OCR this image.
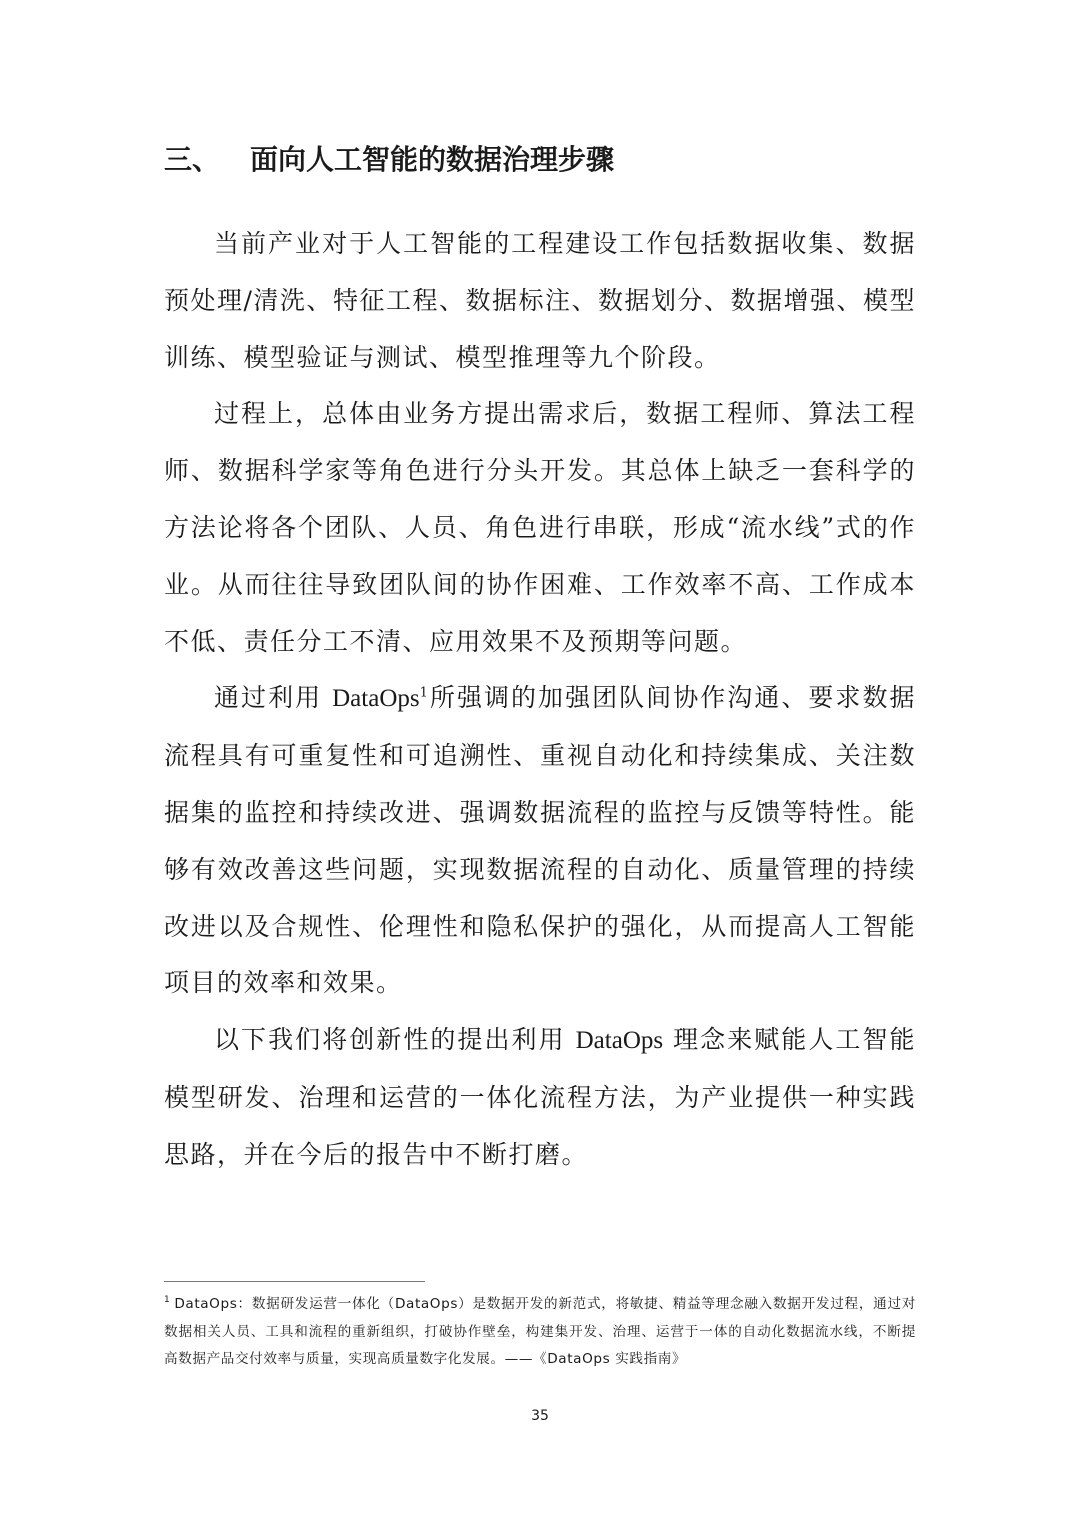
三、 面向人工智能的数据治理步骤

当前产业对于人工智能的工程建设工作包括数据收集、数据预处理/清洗、特征工程、数据标注、数据划分、数据增强、模型训练、模型验证与测试、模型推理等九个阶段。

过程上，总体由业务方提出需求后，数据工程师、算法工程师、数据科学家等角色进行分头开发。其总体上缺乏一套科学的方法论将各个团队、人员、角色进行串联，形成“流水线”式的作业。从而往往导致团队间的协作困难、工作效率不高、工作成本不低、责任分工不清、应用效果不及预期等问题。

通过利用 DataOps$^1$所强调的加强团队间协作沟通、要求数据流程具有可重复性和可追溯性、重视自动化和持续集成、关注数据集的监控和持续改进、强调数据流程的监控与反馈等特性。能够有效改善这些问题，实现数据流程的自动化、质量管理的持续改进以及合规性、伦理性和隐私保护的强化，从而提高人工智能项目的效率和效果。

以下我们将创新性的提出利用 DataOps 理念来赋能人工智能模型研发、治理和运营的一体化流程方法，为产业提供一种实践思路，并在今后的报告中不断打磨。

$^1$ DataOps：数据研发运营一体化（DataOps）是数据开发的新范式，将敏捷、精益等理念融入数据开发过程，通过对数据相关人员、工具和流程的重新组织，打破协作壁垒，构建集开发、治理、运营于一体的自动化数据流水线，不断提高数据产品交付效率与质量，实现高质量数字化发展。——《DataOps 实践指南》

35
